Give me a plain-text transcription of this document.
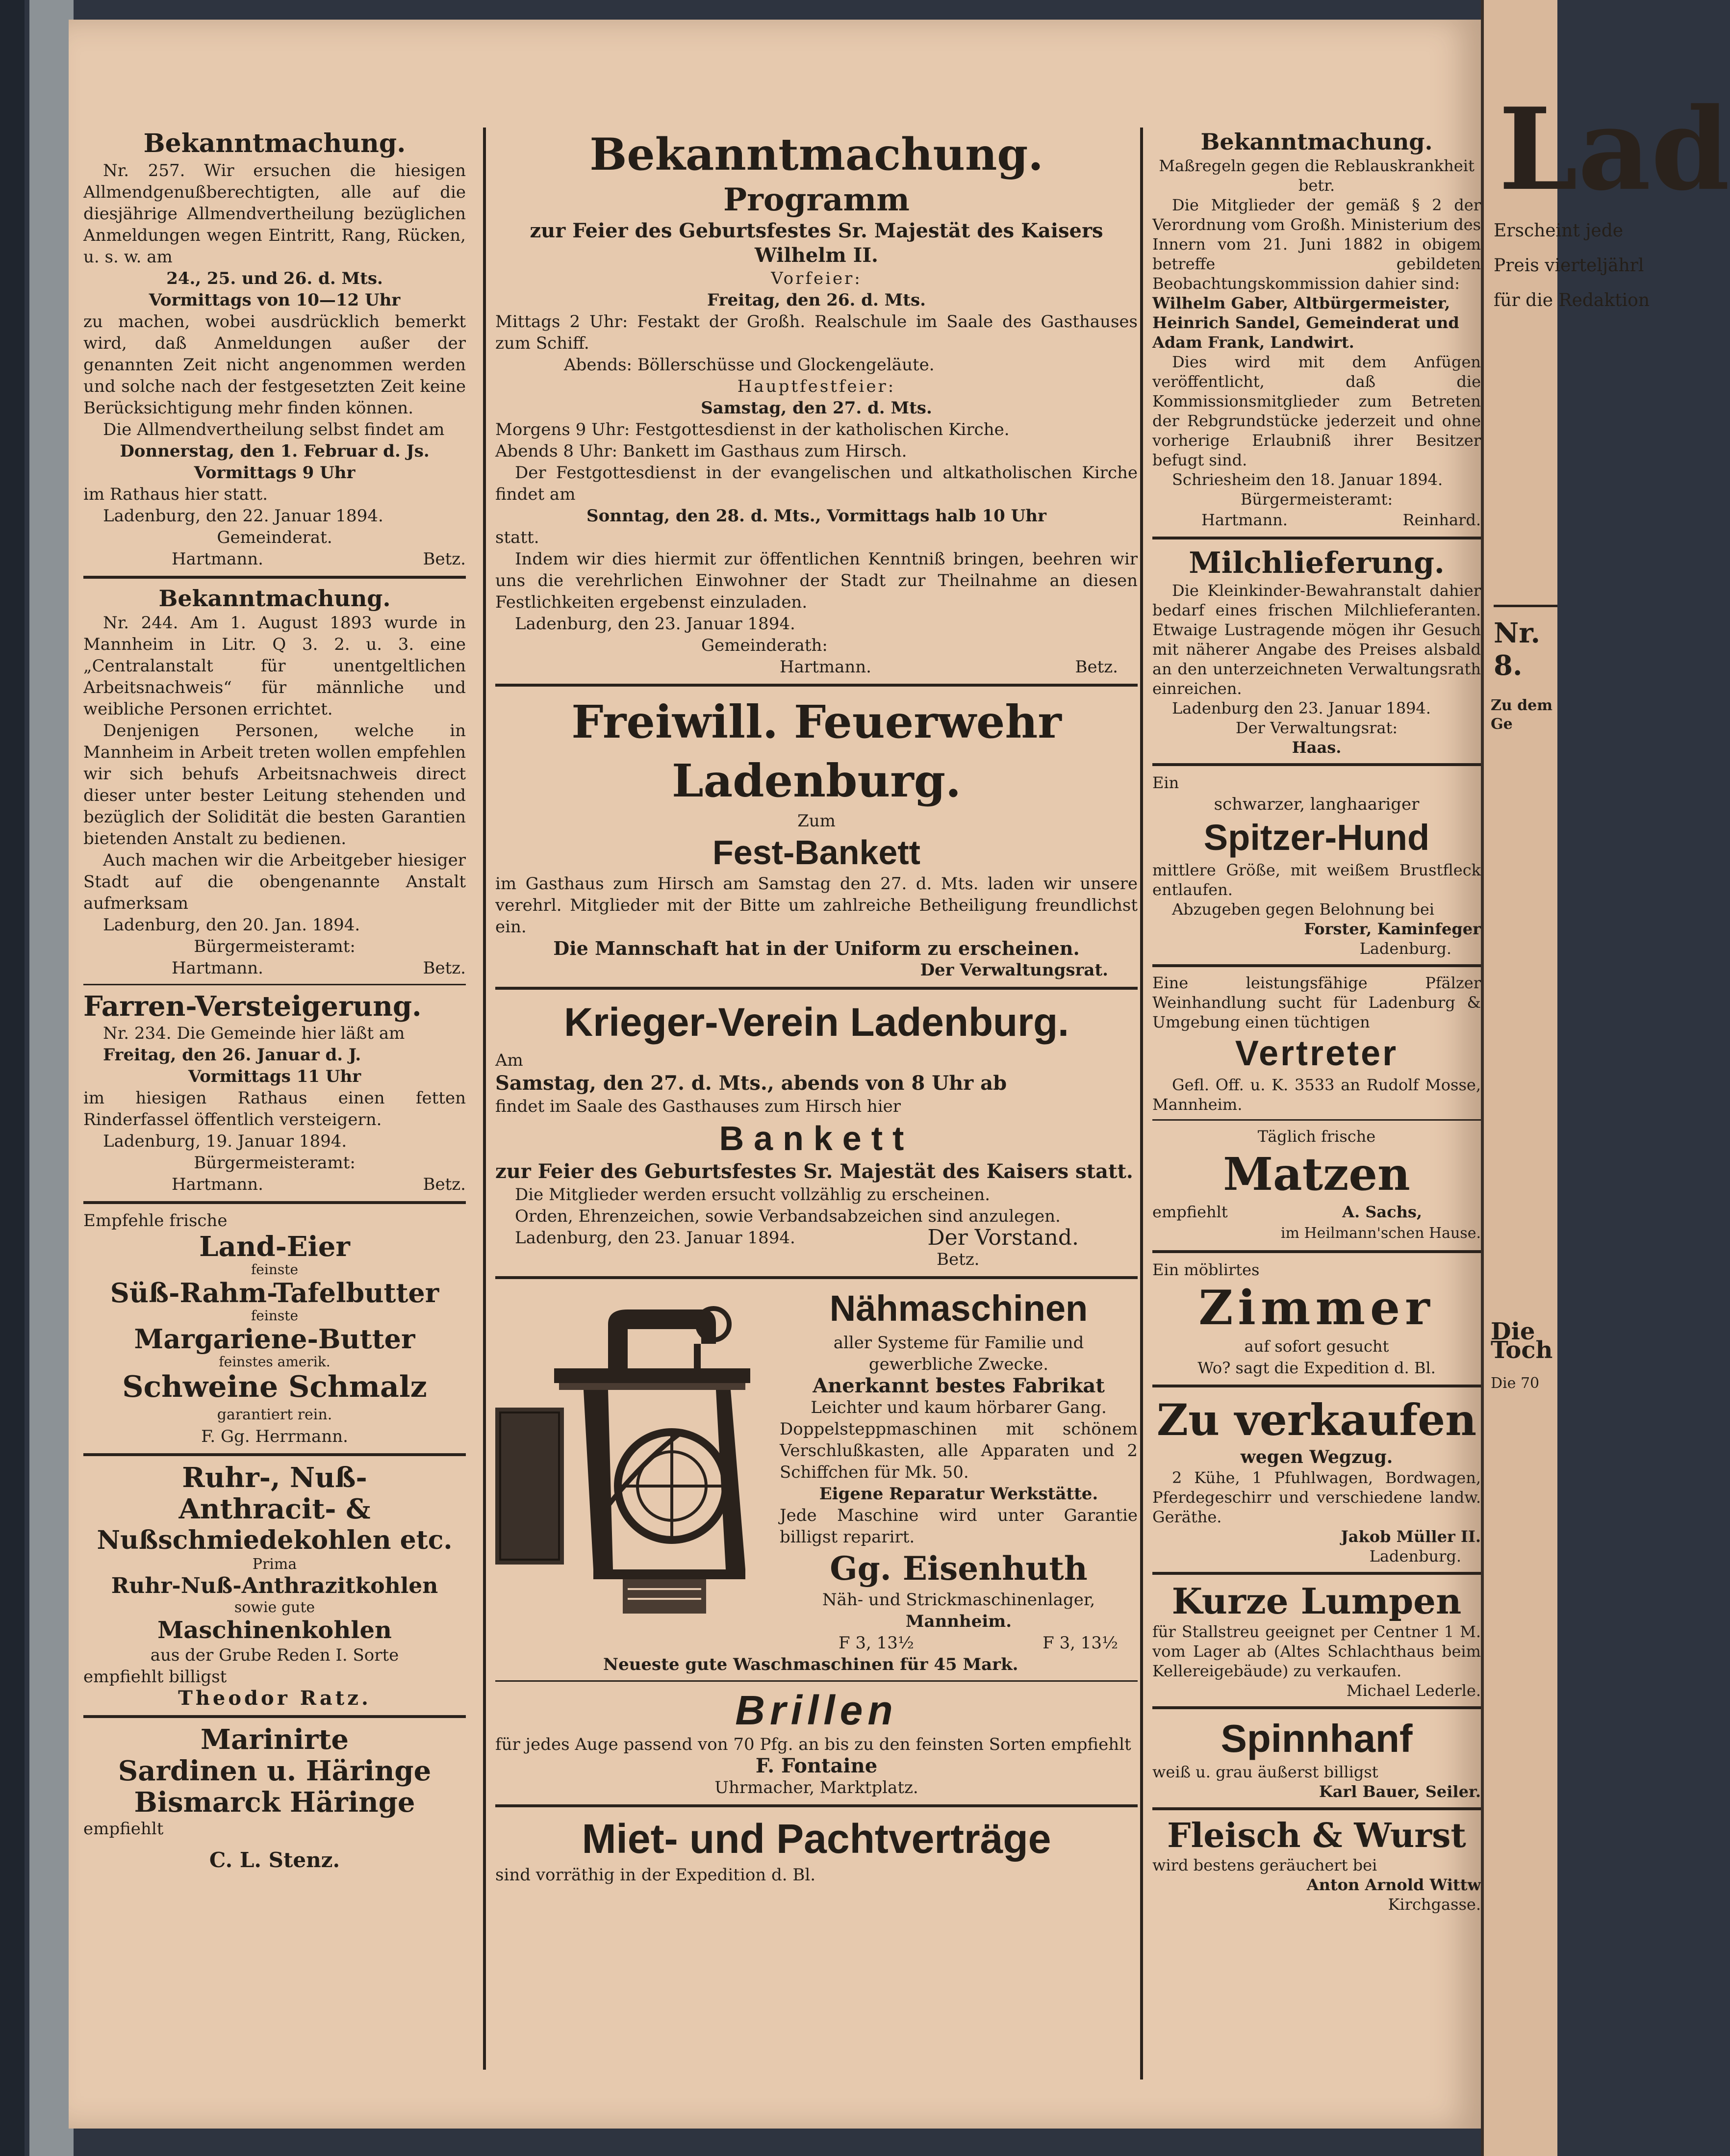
Bekanntmachung.

Nr. 257. Wir ersuchen die hiesigen Allmendgenußberechtigten, alle auf die diesjährige Allmendvertheilung bezüglichen Anmeldungen wegen Eintritt, Rang, Rücken, u. s. w. am

24., 25. und 26. d. Mts.

Vormittags von 10—12 Uhr

zu machen, wobei ausdrücklich bemerkt wird, daß Anmeldungen außer der genannten Zeit nicht angenommen werden und solche nach der festgesetzten Zeit keine Berücksichtigung mehr finden können.

Die Allmendvertheilung selbst findet am

Donnerstag, den 1. Februar d. Js.

Vormittags 9 Uhr

im Rathaus hier statt.

Ladenburg, den 22. Januar 1894.

Gemeinderat.

Hartmann.	Betz.
Bekanntmachung.

Nr. 244. Am 1. August 1893 wurde in Mannheim in Litr. Q 3. 2. u. 3. eine „Centralanstalt für unentgeltlichen Arbeitsnachweis“ für männliche und weibliche Personen errichtet.

Denjenigen Personen, welche in Mannheim in Arbeit treten wollen empfehlen wir sich behufs Arbeitsnachweis direct dieser unter bester Leitung stehenden und bezüglich der Solidität die besten Garantien bietenden Anstalt zu bedienen.

Auch machen wir die Arbeitgeber hiesiger Stadt auf die obengenannte Anstalt aufmerksam

Ladenburg, den 20. Jan. 1894.

Bürgermeisteramt:

Hartmann.	Betz.
Farren-Versteigerung.

Nr. 234. Die Gemeinde hier läßt am

Freitag, den 26. Januar d. J.

Vormittags 11 Uhr

im hiesigen Rathaus einen fetten Rinderfassel öffentlich versteigern.

Ladenburg, 19. Januar 1894.

Bürgermeisteramt:

Hartmann.	Betz.

Empfehle frische

Land-Eier

feinste

Süß-Rahm-Tafelbutter

feinste

Margariene-Butter

feinstes amerik.

Schweine Schmalz

garantiert rein.

F. Gg. Herrmann.

Ruhr-, Nuß-

Anthracit- &

Nußschmiedekohlen etc.

Prima

Ruhr-Nuß-Anthrazitkohlen

sowie gute

Maschinenkohlen

aus der Grube Reden I. Sorte

empfiehlt billigst

Theodor Ratz.

Marinirte

Sardinen u. Häringe

Bismarck Häringe

empfiehlt

C. L. Stenz.

Bekanntmachung.

Programm

zur Feier des Geburtsfestes Sr. Majestät des Kaisers

Wilhelm II.

Vorfeier:

Freitag, den 26. d. Mts.

Mittags 2 Uhr: Festakt der Großh. Realschule im Saale des Gasthauses zum Schiff.

Abends: Böllerschüsse und Glockengeläute.

Hauptfestfeier:

Samstag, den 27. d. Mts.

Morgens 9 Uhr: Festgottesdienst in der katholischen Kirche.

Abends 8 Uhr: Bankett im Gasthaus zum Hirsch.

Der Festgottesdienst in der evangelischen und altkatholischen Kirche findet am

Sonntag, den 28. d. Mts., Vormittags halb 10 Uhr

statt.

Indem wir dies hiermit zur öffentlichen Kenntniß bringen, beehren wir uns die verehrlichen Einwohner der Stadt zur Theilnahme an diesen Festlichkeiten ergebenst einzuladen.

Ladenburg, den 23. Januar 1894.

Gemeinderath:

Hartmann.	Betz.
Freiwill. Feuerwehr Ladenburg.

Zum

Fest-Bankett

im Gasthaus zum Hirsch am Samstag den 27. d. Mts. laden wir unsere verehrl. Mitglieder mit der Bitte um zahlreiche Betheiligung freundlichst ein.

Die Mannschaft hat in der Uniform zu erscheinen.

Der Verwaltungsrat.

Krieger-Verein Ladenburg.

Am

Samstag, den 27. d. Mts., abends von 8 Uhr ab

findet im Saale des Gasthauses zum Hirsch hier

Bankett

zur Feier des Geburtsfestes Sr. Majestät des Kaisers statt.

Die Mitglieder werden ersucht vollzählig zu erscheinen.

Orden, Ehrenzeichen, sowie Verbandsabzeichen sind anzulegen.

Ladenburg, den 23. Januar 1894.	Der Vorstand.

Betz.

Nähmaschinen

aller Systeme für Familie und gewerbliche Zwecke.

Anerkannt bestes Fabrikat

Leichter und kaum hörbarer Gang.

Doppelsteppmaschinen mit schönem Verschlußkasten, alle Apparaten und 2 Schiffchen für Mk. 50.

Eigene Reparatur Werkstätte.

Jede Maschine wird unter Garantie billigst reparirt.

Gg. Eisenhuth

Näh- und Strickmaschinenlager,

Mannheim.

F 3, 13½	F 3, 13½

Neueste gute Waschmaschinen für 45 Mark.

Brillen

für jedes Auge passend von 70 Pfg. an bis zu den feinsten Sorten empfiehlt

F. Fontaine

Uhrmacher, Marktplatz.

Miet- und Pachtverträge

sind vorräthig in der Expedition d. Bl.

Bekanntmachung.

Maßregeln gegen die Reblauskrankheit betr.

Die Mitglieder der gemäß § 2 der Verordnung vom Großh. Ministerium des Innern vom 21. Juni 1882 in obigem betreffe gebildeten Beobachtungskommission dahier sind:

Wilhelm Gaber, Altbürgermeister,

Heinrich Sandel, Gemeinderat und

Adam Frank, Landwirt.

Dies wird mit dem Anfügen veröffentlicht, daß die Kommissionsmitglieder zum Betreten der Rebgrundstücke jederzeit und ohne vorherige Erlaubniß ihrer Besitzer befugt sind.

Schriesheim den 18. Januar 1894.

Bürgermeisteramt:

Hartmann.	Reinhard.
Milchlieferung.

Die Kleinkinder-Bewahranstalt dahier bedarf eines frischen Milchlieferanten. Etwaige Lustragende mögen ihr Gesuch mit näherer Angabe des Preises alsbald an den unterzeichneten Verwaltungsrath einreichen.

Ladenburg den 23. Januar 1894.

Der Verwaltungsrat:

Haas.

Ein

schwarzer, langhaariger

Spitzer-Hund

mittlere Größe, mit weißem Brustfleck entlaufen.

Abzugeben gegen Belohnung bei

Forster, Kaminfeger

Ladenburg.

Eine leistungsfähige Pfälzer Weinhandlung sucht für Ladenburg & Umgebung einen tüchtigen

Vertreter

Gefl. Off. u. K. 3533 an Rudolf Mosse, Mannheim.

Täglich frische

Matzen
empfiehlt	A. Sachs,

im Heilmann'schen Hause.

Ein möblirtes

Zimmer

auf sofort gesucht

Wo? sagt die Expedition d. Bl.

Zu verkaufen

wegen Wegzug.

2 Kühe, 1 Pfuhlwagen, Bordwagen, Pferdegeschirr und verschiedene landw. Geräthe.

Jakob Müller II.

Ladenburg.

Kurze Lumpen

für Stallstreu geeignet per Centner 1 M. vom Lager ab (Altes Schlachthaus beim Kellereigebäude) zu verkaufen.

Michael Lederle.

Spinnhanf

weiß u. grau äußerst billigst

Karl Bauer, Seiler.

Fleisch & Wurst

wird bestens geräuchert bei

Anton Arnold Wittw

Kirchgasse.

Lad
Erscheint jede
Preis vierteljährl
für die Redaktion
Nr. 8.
Zu dem Ge
Die Toch
Die 70
